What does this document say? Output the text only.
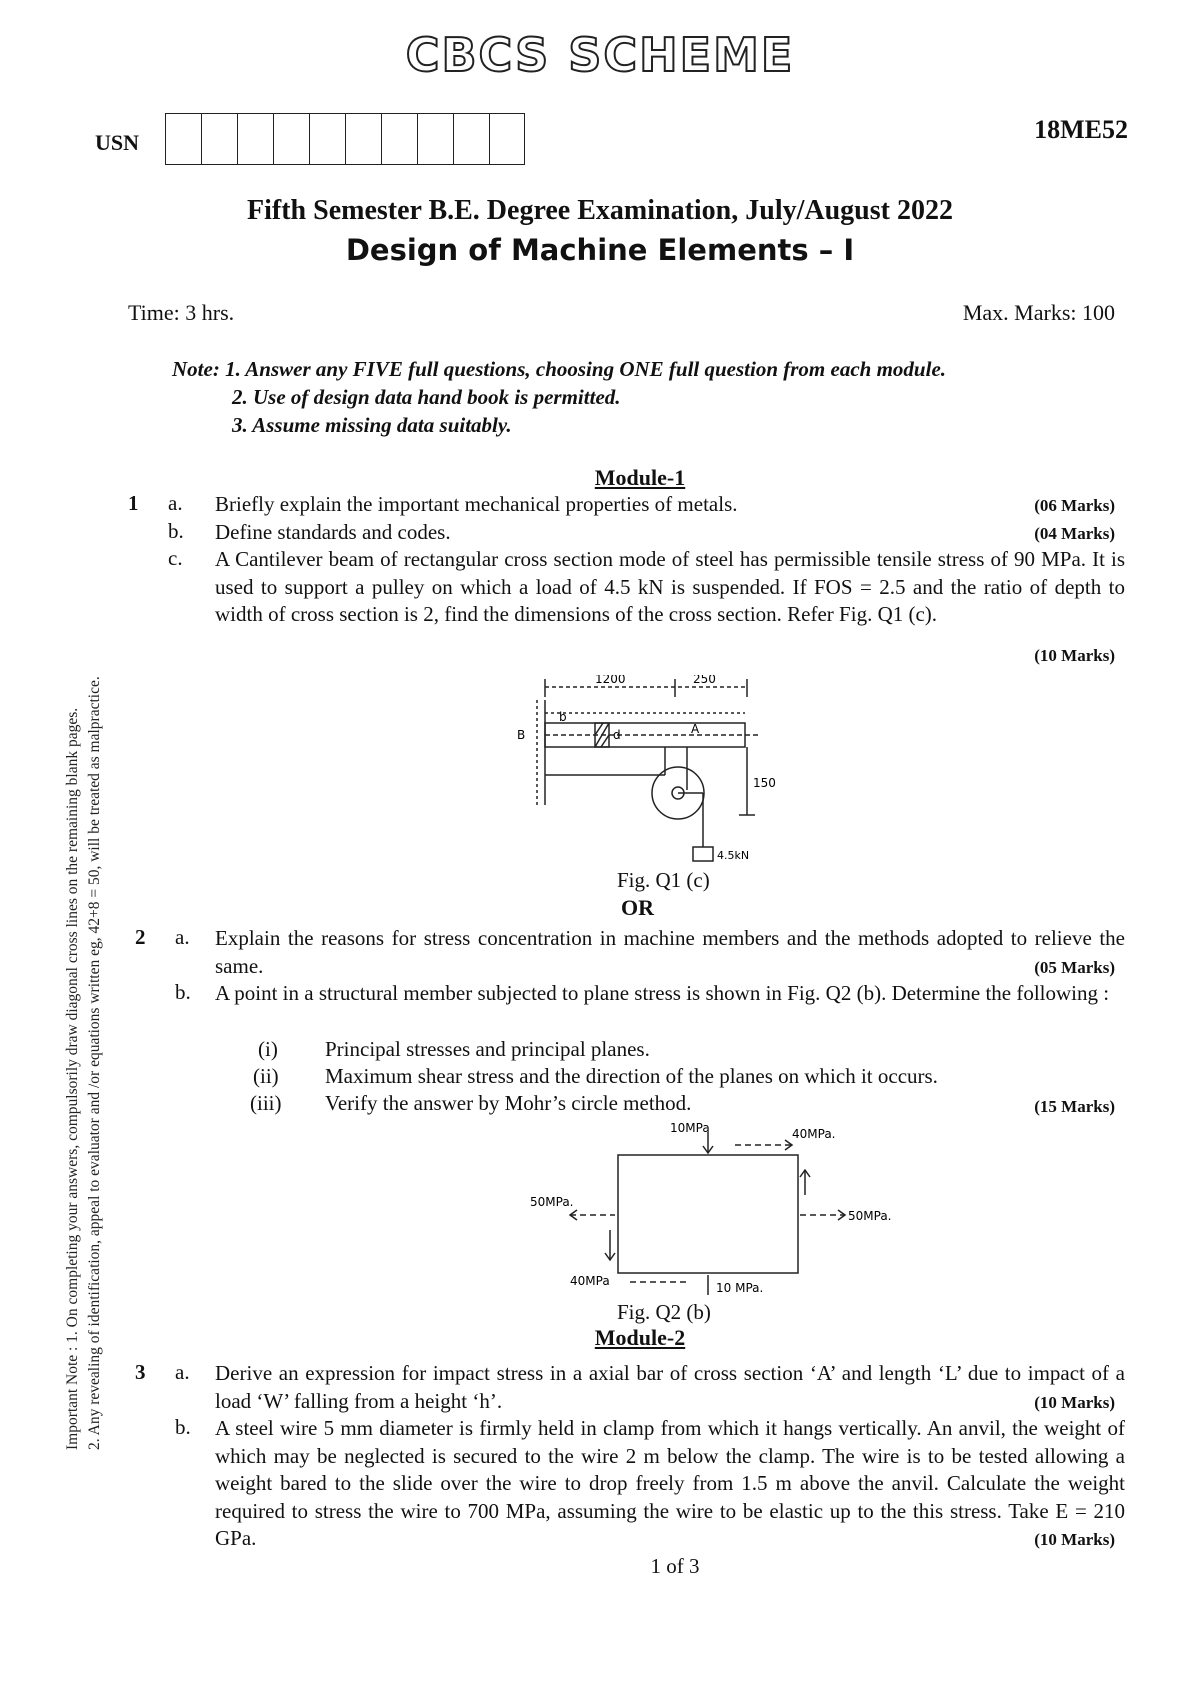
CBCS SCHEME
USN	18ME52
Fifth Semester B.E. Degree Examination, July/August 2022
Design of Machine Elements – I
Time: 3 hrs.	Max. Marks: 100
Note: 1. Answer any FIVE full questions, choosing ONE full question from each module.
2. Use of design data hand book is permitted.
3. Assume missing data suitably.
Important Note : 1. On completing your answers, compulsorily draw diagonal cross lines on the remaining blank pages. 2. Any revealing of identification, appeal to evaluator and /or equations written eg, 42+8 = 50, will be treated as malpractice.
Module-1
1 a. Briefly explain the important mechanical properties of metals.	(06 Marks)
b. Define standards and codes.	(04 Marks)
c. A Cantilever beam of rectangular cross section mode of steel has permissible tensile stress of 90 MPa. It is used to support a pulley on which a load of 4.5 kN is suspended. If FOS = 2.5 and the ratio of depth to width of cross section is 2, find the dimensions of the cross section. Refer Fig. Q1 (c).
(10 Marks)
1200	250
b
B	d	A
150
4.5kN
Fig. Q1 (c)
OR
2 a. Explain the reasons for stress concentration in machine members and the methods adopted to relieve the same.	(05 Marks)
b. A point in a structural member subjected to plane stress is shown in Fig. Q2 (b). Determine the following :
(i) Principal stresses and principal planes.
(ii) Maximum shear stress and the direction of the planes on which it occurs.
(iii) Verify the answer by Mohr’s circle method.	(15 Marks)
10MPa	40MPa.
50MPa.
50MPa.
40MPa	10 MPa.
Fig. Q2 (b)
Module-2
3 a. Derive an expression for impact stress in a axial bar of cross section ‘A’ and length ‘L’ due to impact of a load ‘W’ falling from a height ‘h’.	(10 Marks)
b. A steel wire 5 mm diameter is firmly held in clamp from which it hangs vertically. An anvil, the weight of which may be neglected is secured to the wire 2 m below the clamp. The wire is to be tested allowing a weight bared to the slide over the wire to drop freely from 1.5 m above the anvil. Calculate the weight required to stress the wire to 700 MPa, assuming the wire to be elastic up to the this stress. Take E = 210 GPa.	(10 Marks)
1 of 3
